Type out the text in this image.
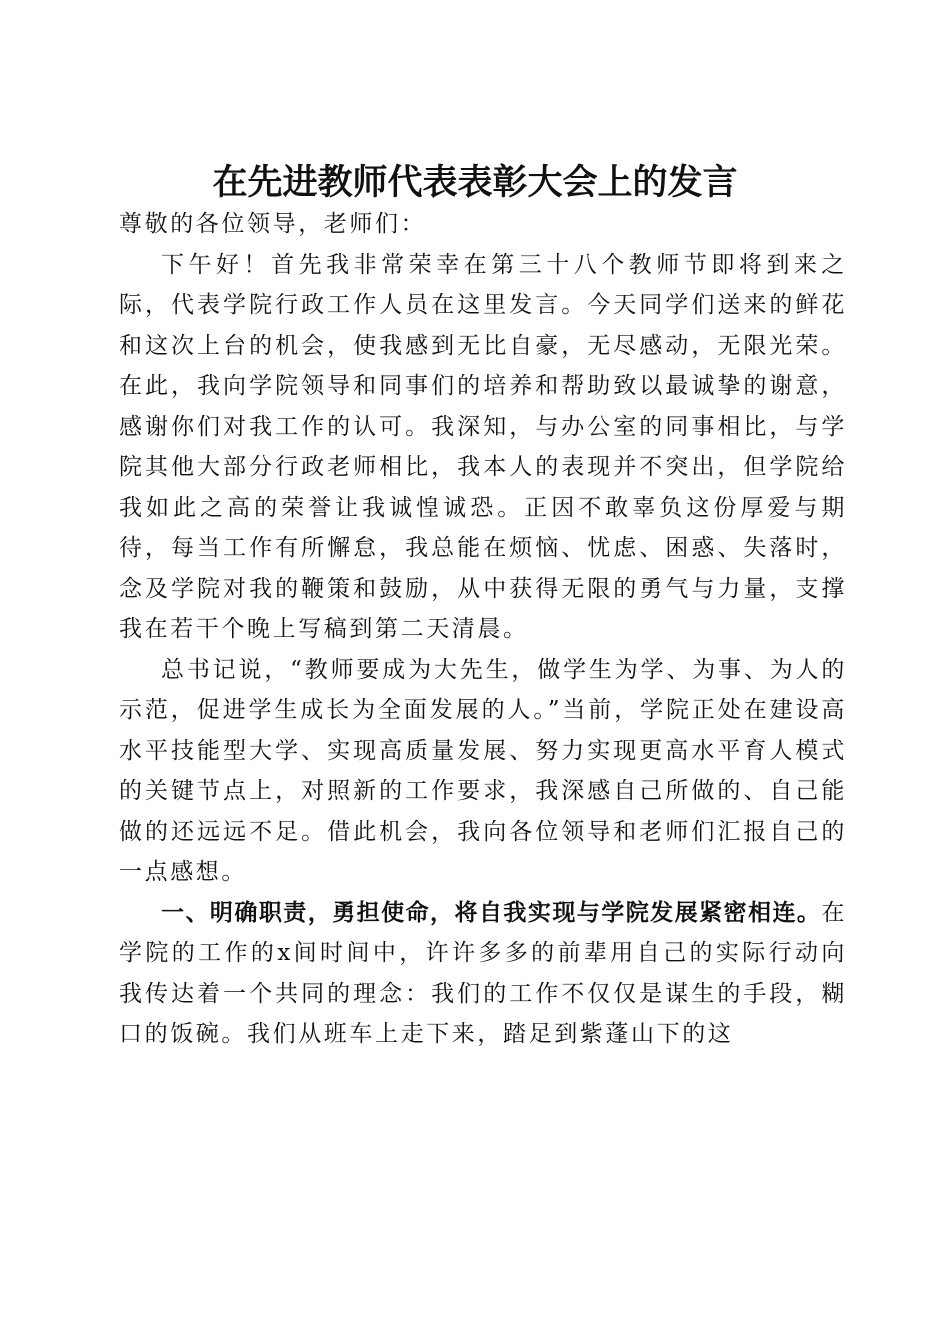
在先进教师代表表彰大会上的发言

尊敬的各位领导，老师们：

下午好！首先我非常荣幸在第三十八个教师节即将到来之际，代表学院行政工作人员在这里发言。今天同学们送来的鲜花和这次上台的机会，使我感到无比自豪，无尽感动，无限光荣。在此，我向学院领导和同事们的培养和帮助致以最诚挚的谢意，感谢你们对我工作的认可。我深知，与办公室的同事相比，与学院其他大部分行政老师相比，我本人的表现并不突出，但学院给我如此之高的荣誉让我诚惶诚恐。正因不敢辜负这份厚爱与期待，每当工作有所懈怠，我总能在烦恼、忧虑、困惑、失落时，念及学院对我的鞭策和鼓励，从中获得无限的勇气与力量，支撑我在若干个晚上写稿到第二天清晨。

总书记说，“教师要成为大先生，做学生为学、为事、为人的示范，促进学生成长为全面发展的人。”当前，学院正处在建设高水平技能型大学、实现高质量发展、努力实现更高水平育人模式的关键节点上，对照新的工作要求，我深感自己所做的、自己能做的还远远不足。借此机会，我向各位领导和老师们汇报自己的一点感想。

一、明确职责，勇担使命，将自我实现与学院发展紧密相连。在学院的工作的x间时间中，许许多多的前辈用自己的实际行动向我传达着一个共同的理念：我们的工作不仅仅是谋生的手段，糊口的饭碗。我们从班车上走下来，踏足到紫蓬山下的这
